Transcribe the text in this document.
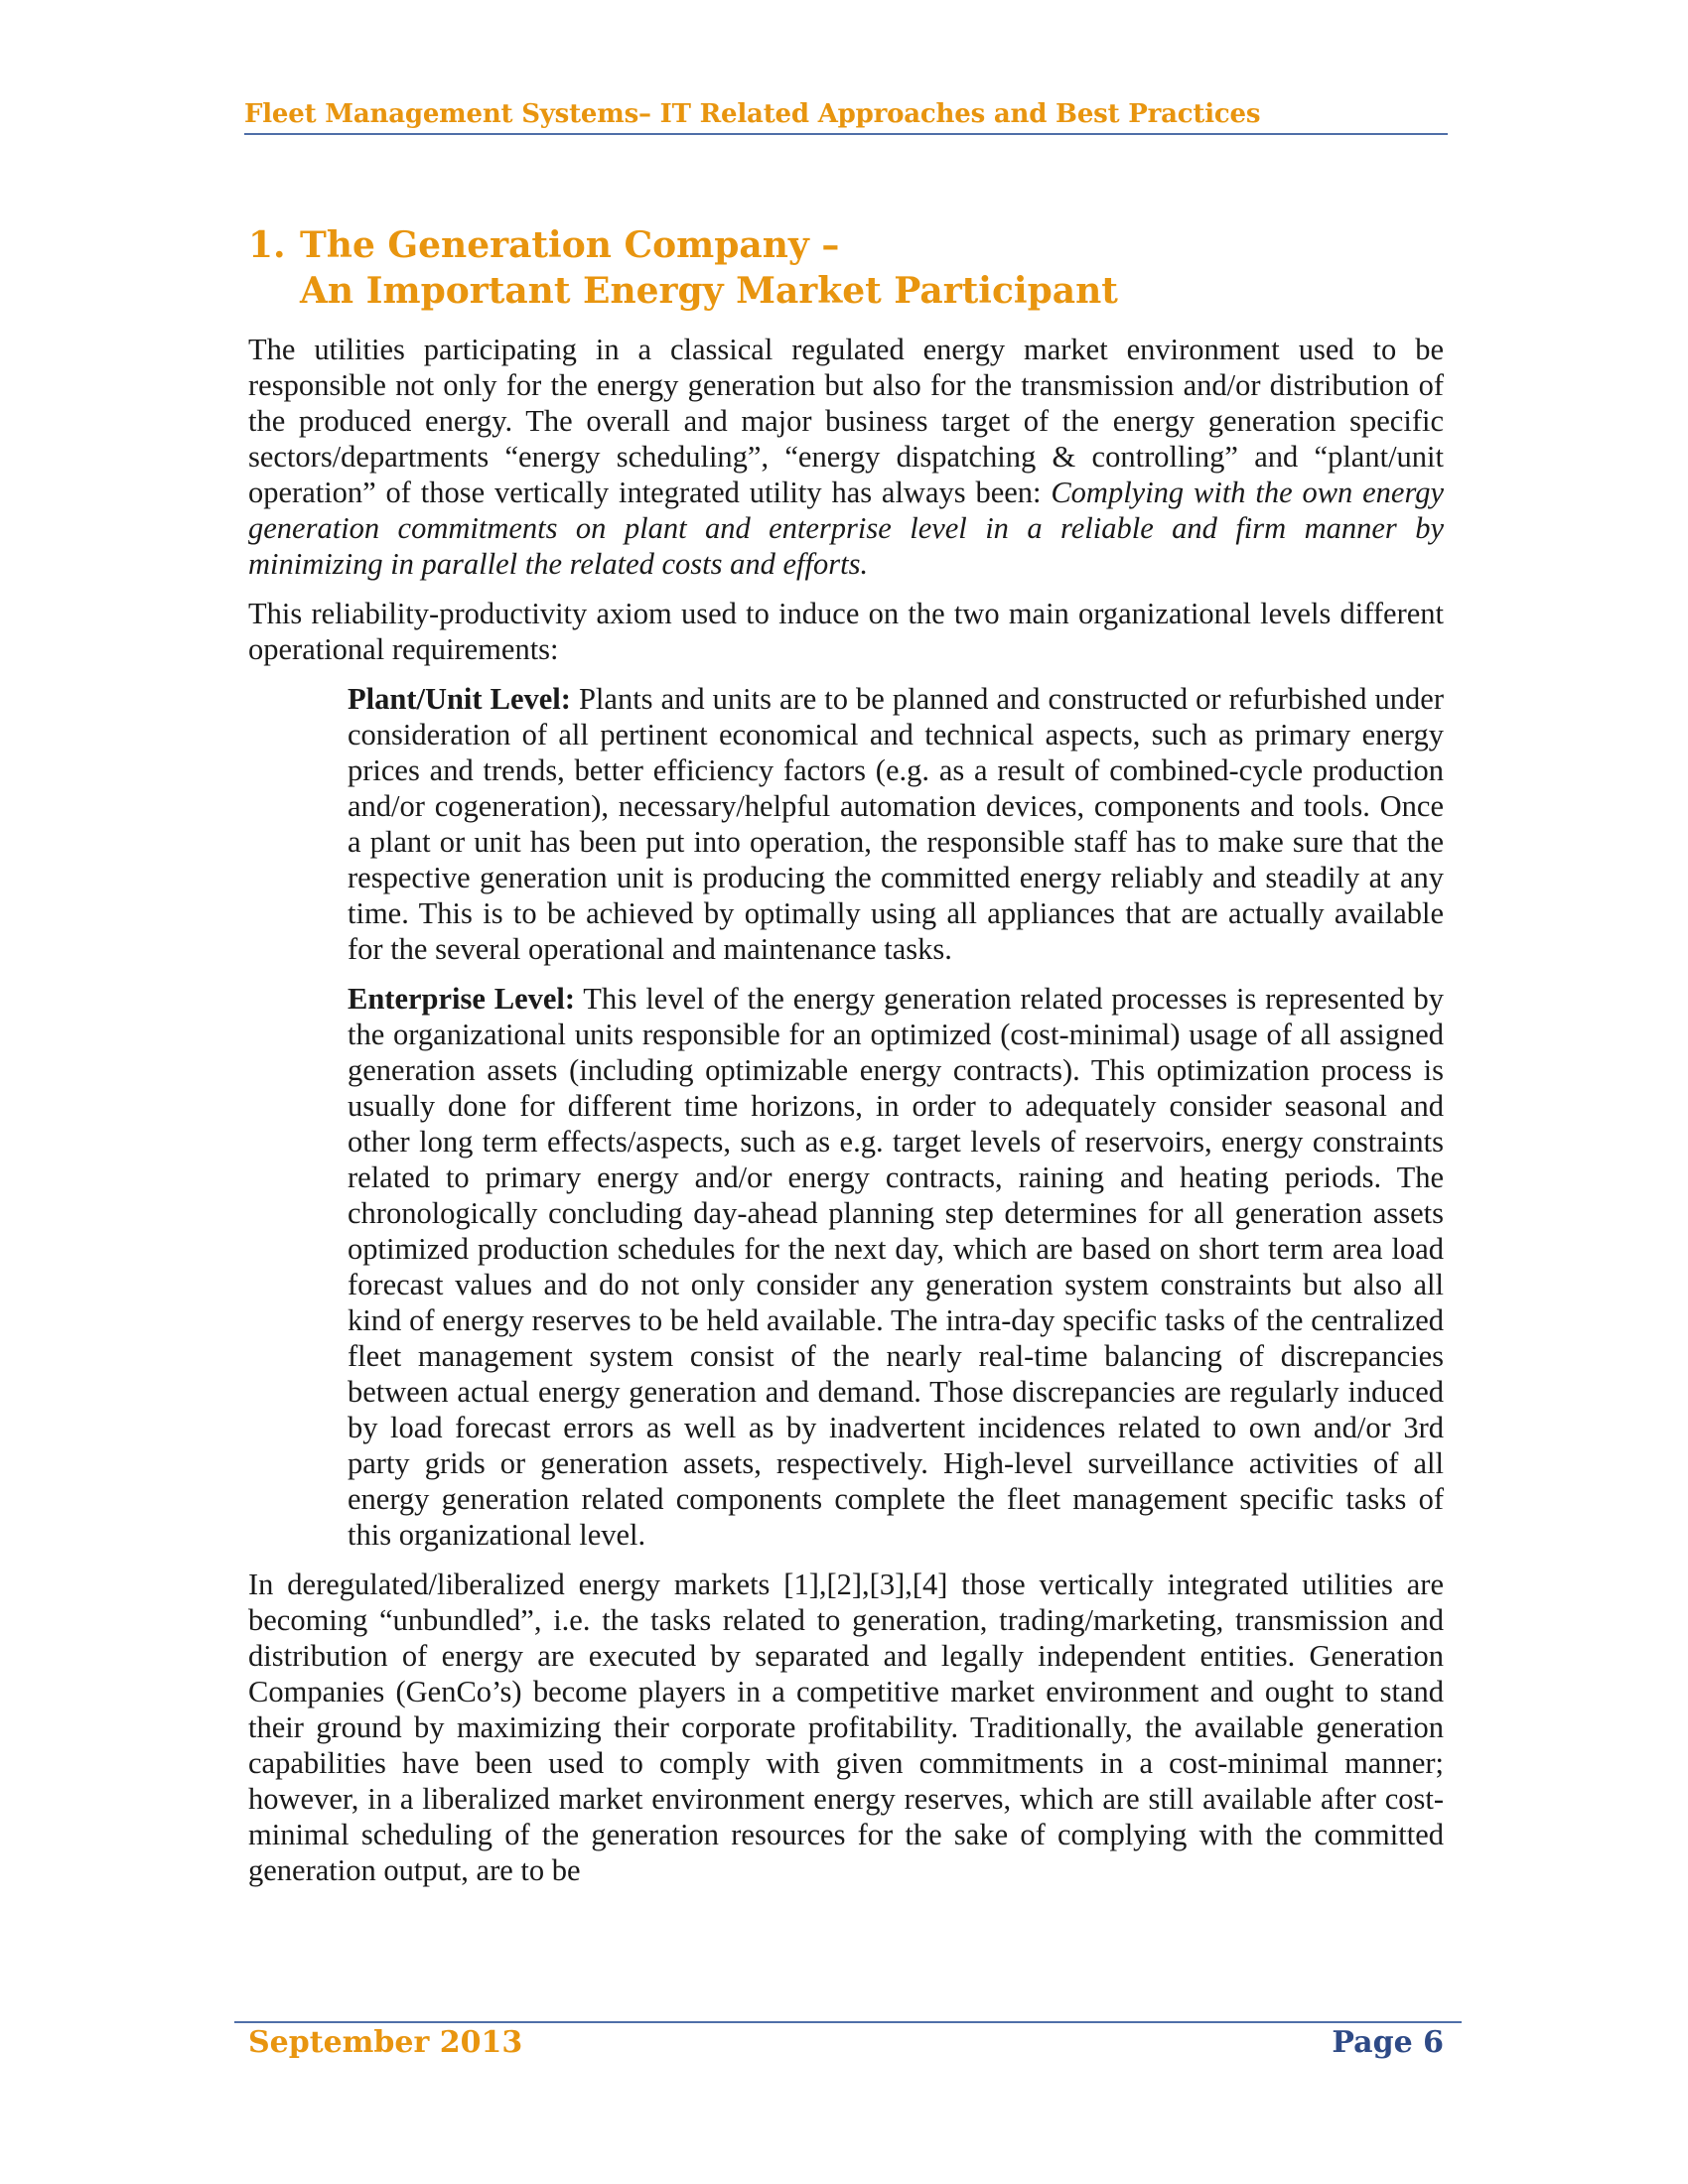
Fleet Management Systems– IT Related Approaches and Best Practices
1. The Generation Company –
An Important Energy Market Participant

The utilities participating in a classical regulated energy market environment used to be responsible not only for the energy generation but also for the transmission and/or distribution of the produced energy. The overall and major business target of the energy generation specific sectors/departments “energy scheduling”, “energy dispatching & controlling” and “plant/unit operation” of those vertically integrated utility has always been: Complying with the own energy generation commitments on plant and enterprise level in a reliable and firm manner by minimizing in parallel the related costs and efforts.

This reliability-productivity axiom used to induce on the two main organizational levels different operational requirements:

Plant/Unit Level: Plants and units are to be planned and constructed or refurbished under consideration of all pertinent economical and technical aspects, such as primary energy prices and trends, better efficiency factors (e.g. as a result of combined-cycle production and/or cogeneration), necessary/helpful automation devices, components and tools. Once a plant or unit has been put into operation, the responsible staff has to make sure that the respective generation unit is producing the committed energy reliably and steadily at any time. This is to be achieved by optimally using all appliances that are actually available for the several operational and maintenance tasks.

Enterprise Level: This level of the energy generation related processes is represented by the organizational units responsible for an optimized (cost-minimal) usage of all assigned generation assets (including optimizable energy contracts). This optimization process is usually done for different time horizons, in order to adequately consider seasonal and other long term effects/aspects, such as e.g. target levels of reservoirs, energy constraints related to primary energy and/or energy contracts, raining and heating periods. The chronologically concluding day-ahead planning step determines for all generation assets optimized production schedules for the next day, which are based on short term area load forecast values and do not only consider any generation system constraints but also all kind of energy reserves to be held available. The intra-day specific tasks of the centralized fleet management system consist of the nearly real-time balancing of discrepancies between actual energy generation and demand. Those discrepancies are regularly induced by load forecast errors as well as by inadvertent incidences related to own and/or 3rd party grids or generation assets, respectively. High-level surveillance activities of all energy generation related components complete the fleet management specific tasks of this organizational level.

In deregulated/liberalized energy markets [1],[2],[3],[4] those vertically integrated utilities are becoming “unbundled”, i.e. the tasks related to generation, trading/marketing, transmission and distribution of energy are executed by separated and legally independent entities. Generation Companies (GenCo’s) become players in a competitive market environment and ought to stand their ground by maximizing their corporate profitability. Traditionally, the available generation capabilities have been used to comply with given commitments in a cost-minimal manner; however, in a liberalized market environment energy reserves, which are still available after cost-minimal scheduling of the generation resources for the sake of complying with the committed generation output, are to be

September 2013	Page 6
